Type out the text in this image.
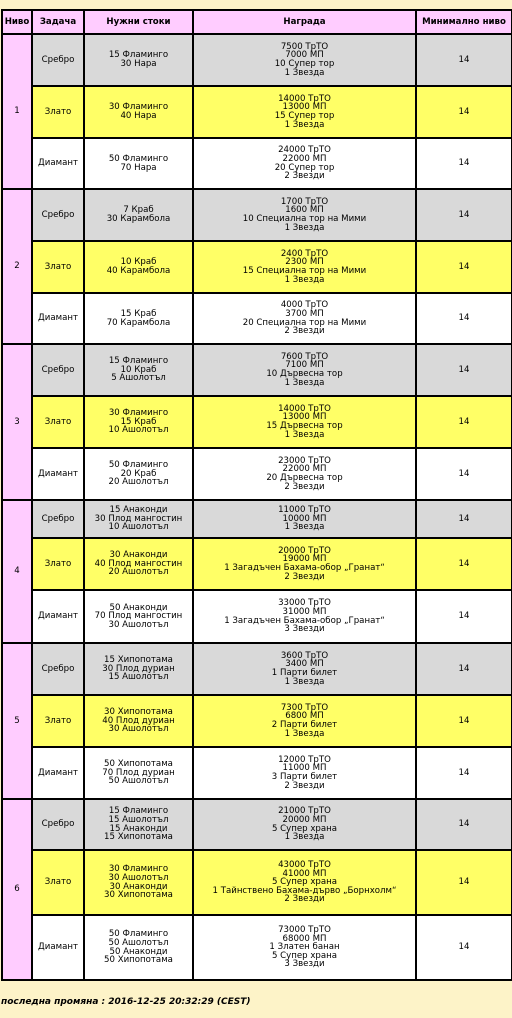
Ниво	Задача	Нужни стоки	Награда	Минимално ниво
1	Сребро	15 Фламинго
30 Нара	7500 ТрТО
7000 МП
10 Супер тор
1 Звезда	14
	Злато	30 Фламинго
40 Нара	14000 ТрТО
13000 МП
15 Супер тор
1 Звезда	14
	Диамант	50 Фламинго
70 Нара	24000 ТрТО
22000 МП
20 Супер тор
2 Звезди	14
2	Сребро	7 Краб
30 Карамбола	1700 ТрТО
1600 МП
10 Специална тор на Мими
1 Звезда	14
	Злато	10 Краб
40 Карамбола	2400 ТрТО
2300 МП
15 Специална тор на Мими
1 Звезда	14
	Диамант	15 Краб
70 Карамбола	4000 ТрТО
3700 МП
20 Специална тор на Мими
2 Звезди	14
3	Сребро	15 Фламинго
10 Краб
5 Ашолотъл	7600 ТрТО
7100 МП
10 Дървесна тор
1 Звезда	14
	Злато	30 Фламинго
15 Краб
10 Ашолотъл	14000 ТрТО
13000 МП
15 Дървесна тор
1 Звезда	14
	Диамант	50 Фламинго
20 Краб
20 Ашолотъл	23000 ТрТО
22000 МП
20 Дървесна тор
2 Звезди	14
4	Сребро	15 Анаконди
30 Плод мангостин
10 Ашолотъл	11000 ТрТО
10000 МП
1 Звезда	14
	Злато	30 Анаконди
40 Плод мангостин
20 Ашолотъл	20000 ТрТО
19000 МП
1 Загадъчен Бахама-обор „Гранат“
2 Звезди	14
	Диамант	50 Анаконди
70 Плод мангостин
30 Ашолотъл	33000 ТрТО
31000 МП
1 Загадъчен Бахама-обор „Гранат“
3 Звезди	14
5	Сребро	15 Хипопотама
30 Плод дуриан
15 Ашолотъл	3600 ТрТО
3400 МП
1 Парти билет
1 Звезда	14
	Злато	30 Хипопотама
40 Плод дуриан
30 Ашолотъл	7300 ТрТО
6800 МП
2 Парти билет
1 Звезда	14
	Диамант	50 Хипопотама
70 Плод дуриан
50 Ашолотъл	12000 ТрТО
11000 МП
3 Парти билет
2 Звезди	14
6	Сребро	15 Фламинго
15 Ашолотъл
15 Анаконди
15 Хипопотама	21000 ТрТО
20000 МП
5 Супер храна
1 Звезда	14
	Злато	30 Фламинго
30 Ашолотъл
30 Анаконди
30 Хипопотама	43000 ТрТО
41000 МП
5 Супер храна
1 Тайнствено Бахама-дърво „Борнхолм“
2 Звезди	14
	Диамант	50 Фламинго
50 Ашолотъл
50 Анаконди
50 Хипопотама	73000 ТрТО
68000 МП
1 Златен банан
5 Супер храна
3 Звезди	14
последна промяна : 2016-12-25 20:32:29 (CEST)
